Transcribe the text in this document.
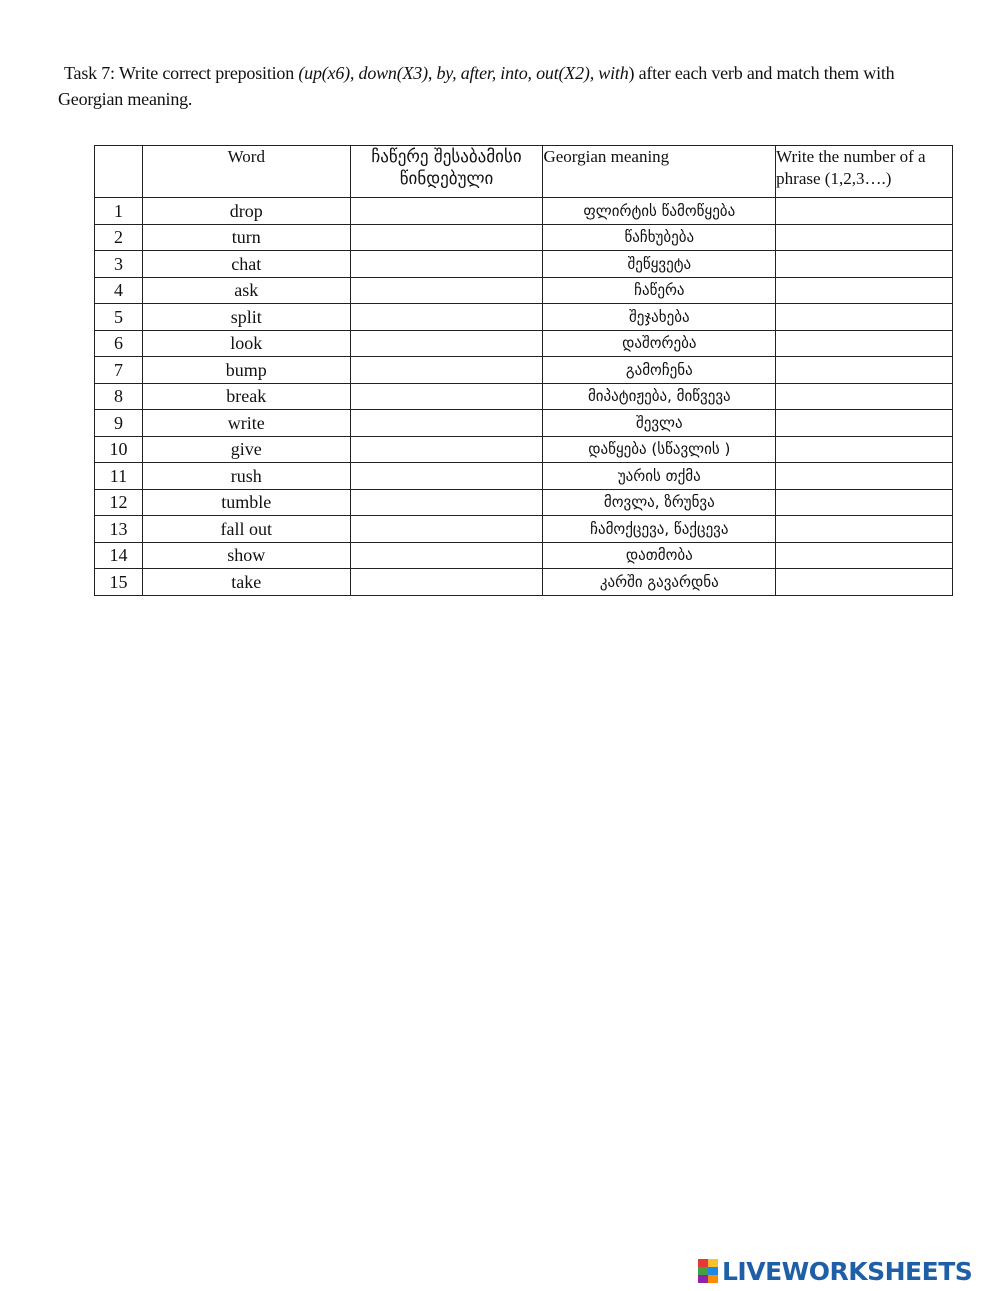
Task 7: Write correct preposition (up(x6), down(X3), by, after, into, out(X2), with) after each verb and match them with Georgian meaning.
	Word	ჩაწერე შესაბამისი წინდებული	Georgian meaning	Write the number of a phrase (1,2,3….)
1	drop		ფლირტის წამოწყება	
2	turn		წაჩხუბება	
3	chat		შეწყვეტა	
4	ask		ჩაწერა	
5	split		შეჯახება	
6	look		დაშორება	
7	bump		გამოჩენა	
8	break		მიპატიჟება, მიწვევა	
9	write		შევლა	
10	give		დაწყება (სწავლის )	
11	rush		უარის თქმა	
12	tumble		მოვლა, ზრუნვა	
13	fall out		ჩამოქცევა, წაქცევა	
14	show		დათმობა	
15	take		კარში გავარდნა	
LIVEWORKSHEETS
